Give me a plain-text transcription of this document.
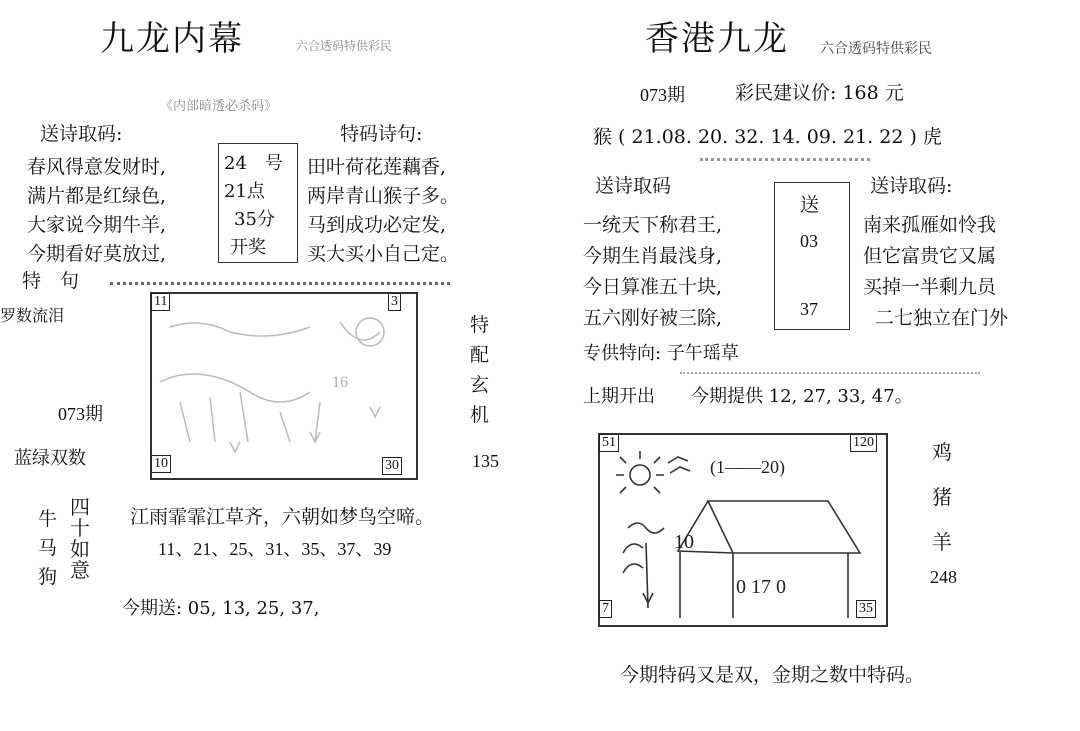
九龙内幕	六合透码特供彩民
《内部暗透必杀码》
送诗取码:	特码诗句:
春风得意发财时,
满片都是红绿色,
大家说今期牛羊,
今期看好莫放过,
24　号
21点
35分
开奖
田叶荷花莲藕香,
两岸青山猴子多。
马到成功必定发,
买大买小自己定。
特　句
罗数流泪
11	3
10	30
16
073期
蓝绿双数
特
配
玄
机
135
牛
马
狗
四
十
如
意
江雨霏霏江草齐，六朝如梦鸟空啼。
11、21、25、31、35、37、39
今期送: 05, 13, 25, 37,
香港九龙 六合透码特供彩民
073期	彩民建议价: 168 元
猴 ( 21.08. 20. 32. 14. 09. 21. 22 ) 虎
送诗取码	送诗取码:
一统天下称君王,
今期生肖最浅身,
今日算准五十块,
五六刚好被三除,
送
03
37
南来孤雁如怜我
但它富贵它又属
买掉一半剩九员
二七独立在门外
专供特向: 子午瑶草
上期开出　　今期提供 12, 27, 33, 47。
51	120
7	35
(1——20)
10
0 17 0
鸡
猪
羊
248
今期特码又是双，金期之数中特码。
